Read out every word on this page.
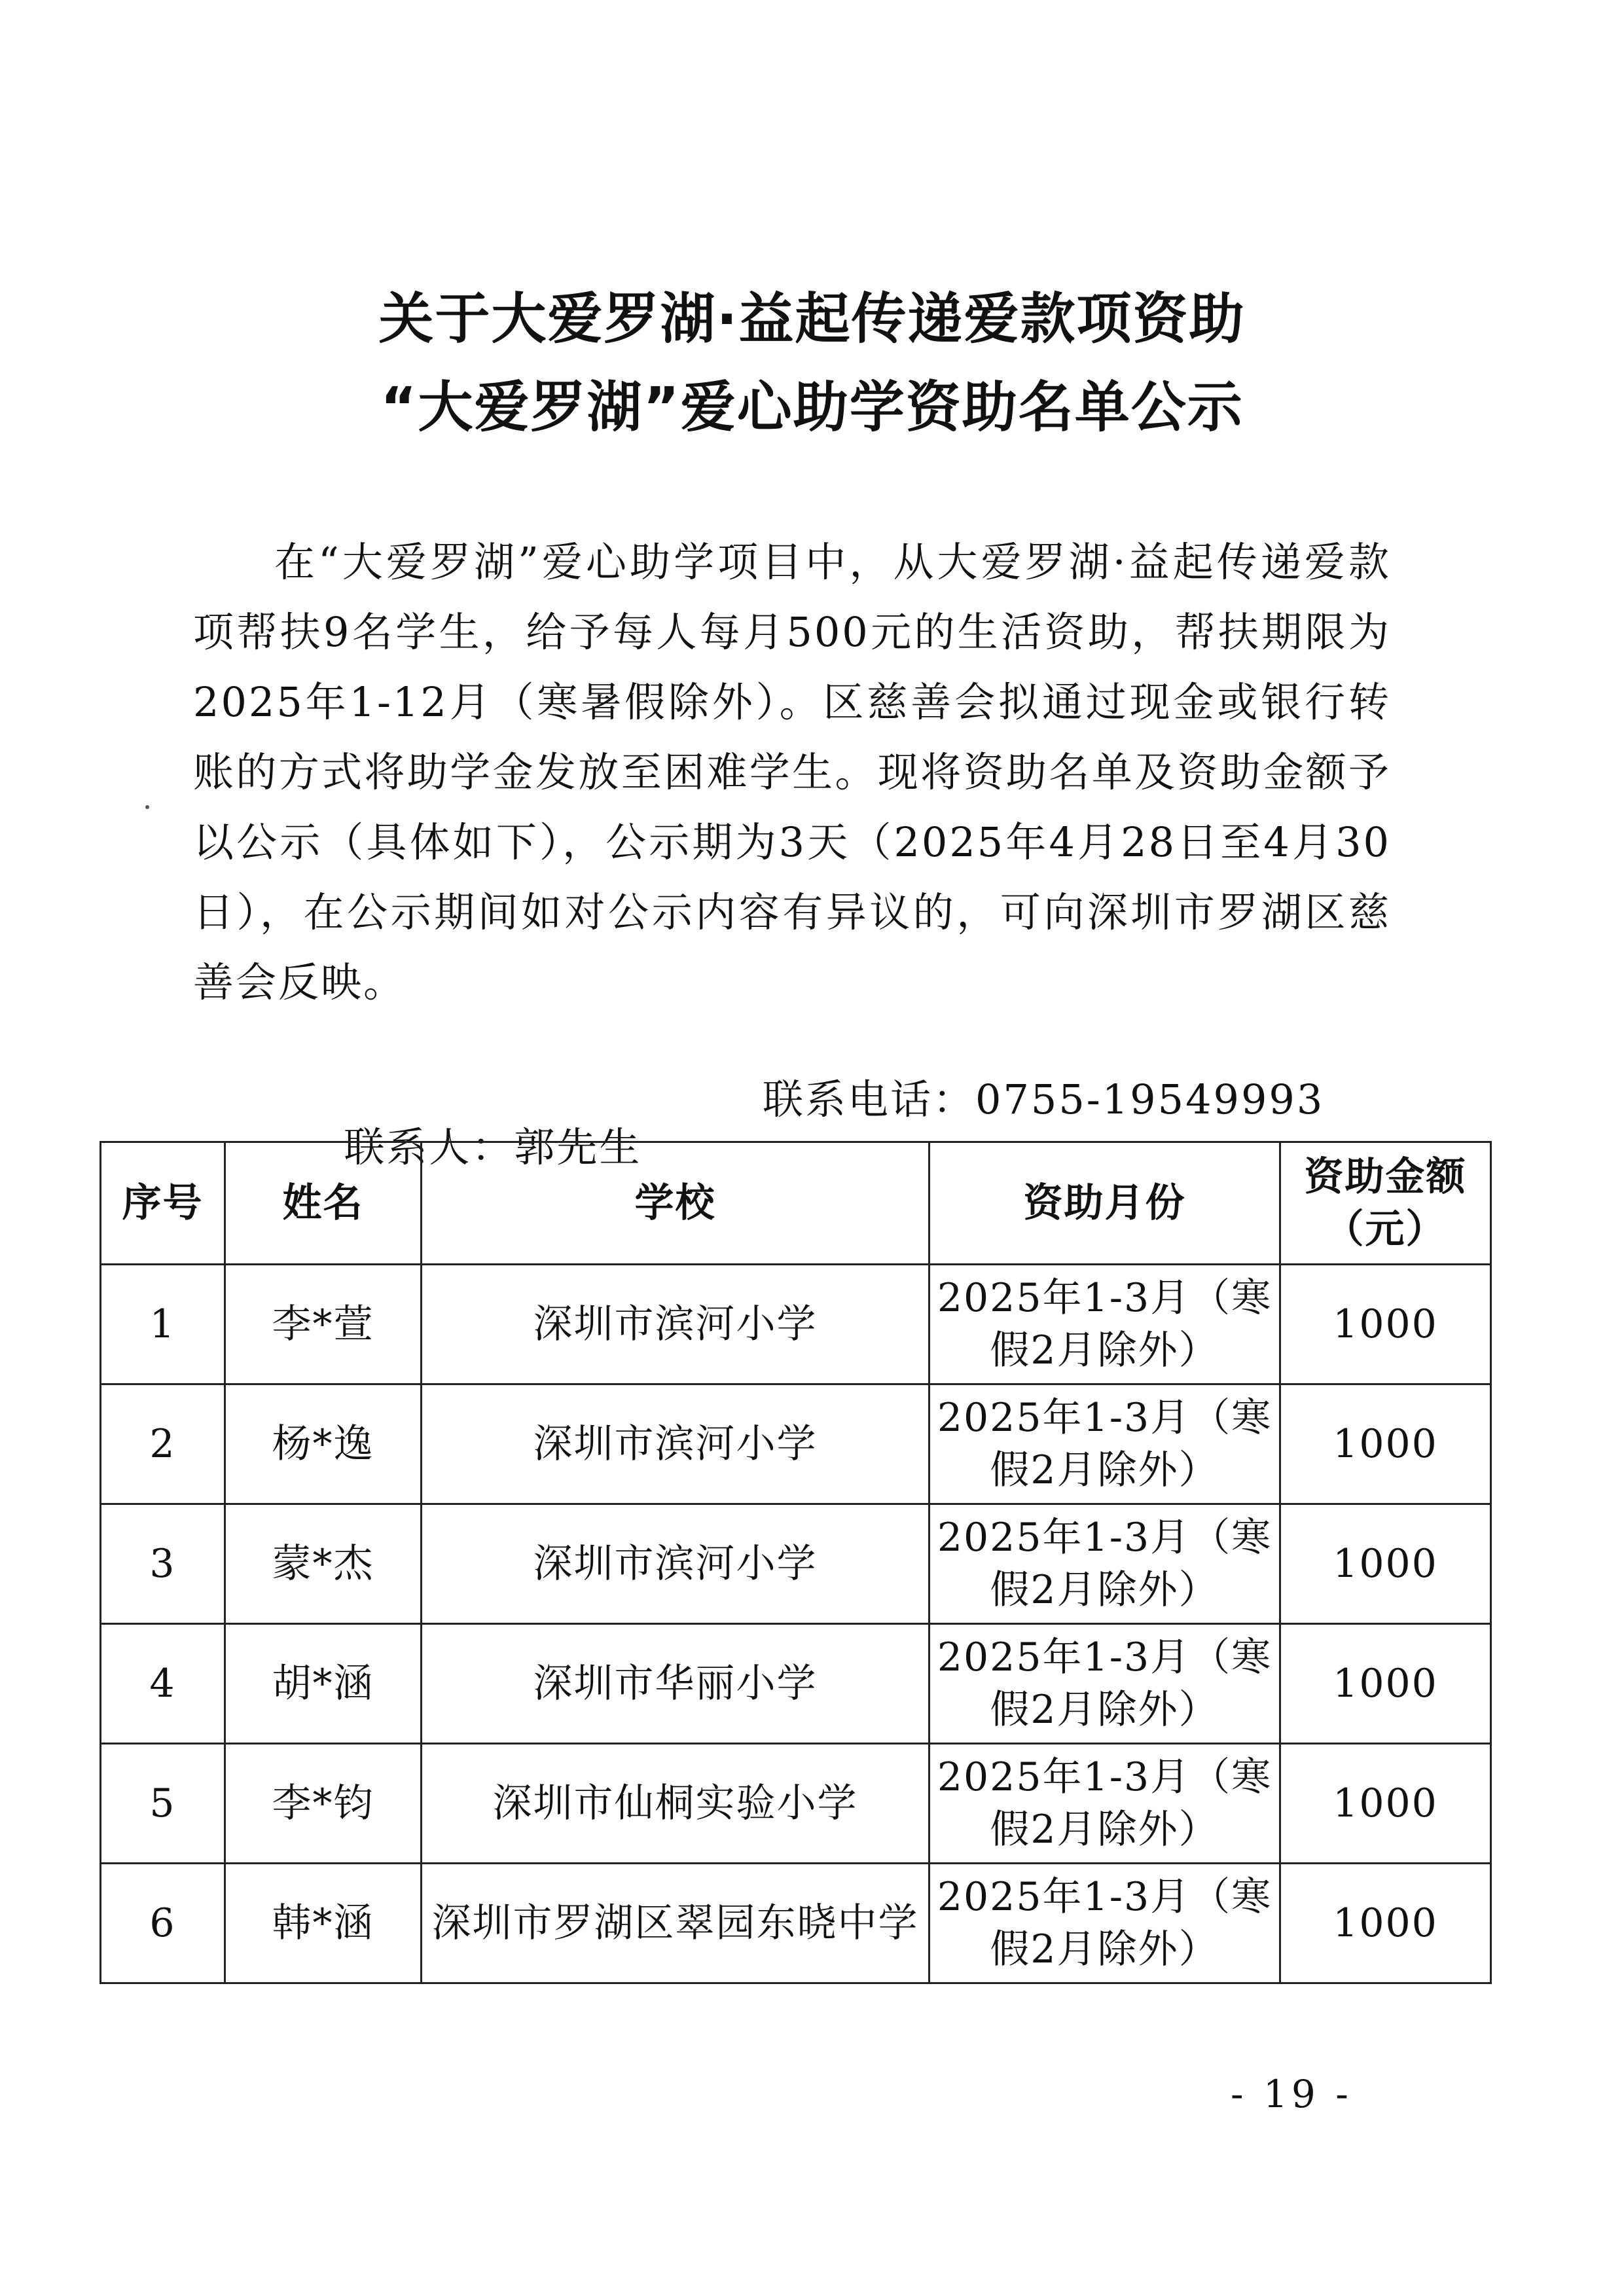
关于大爱罗湖·益起传递爱款项资助
“大爱罗湖”爱心助学资助名单公示

在“大爱罗湖”爱心助学项目中，从大爱罗湖·益起传递爱款项帮扶9名学生，给予每人每月500元的生活资助，帮扶期限为2025年1-12月（寒暑假除外）。区慈善会拟通过现金或银行转账的方式将助学金发放至困难学生。现将资助名单及资助金额予以公示（具体如下），公示期为3天（2025年4月28日至4月30日），在公示期间如对公示内容有异议的，可向深圳市罗湖区慈善会反映。

联系人：郭先生

联系电话：0755-19549993

序号	姓名	学校	资助月份	资助金额（元）
1	李*萱	深圳市滨河小学	2025年1-3月（寒假2月除外）	1000
2	杨*逸	深圳市滨河小学	2025年1-3月（寒假2月除外）	1000
3	蒙*杰	深圳市滨河小学	2025年1-3月（寒假2月除外）	1000
4	胡*涵	深圳市华丽小学	2025年1-3月（寒假2月除外）	1000
5	李*钧	深圳市仙桐实验小学	2025年1-3月（寒假2月除外）	1000
6	韩*涵	深圳市罗湖区翠园东晓中学	2025年1-3月（寒假2月除外）	1000

- 19 -
